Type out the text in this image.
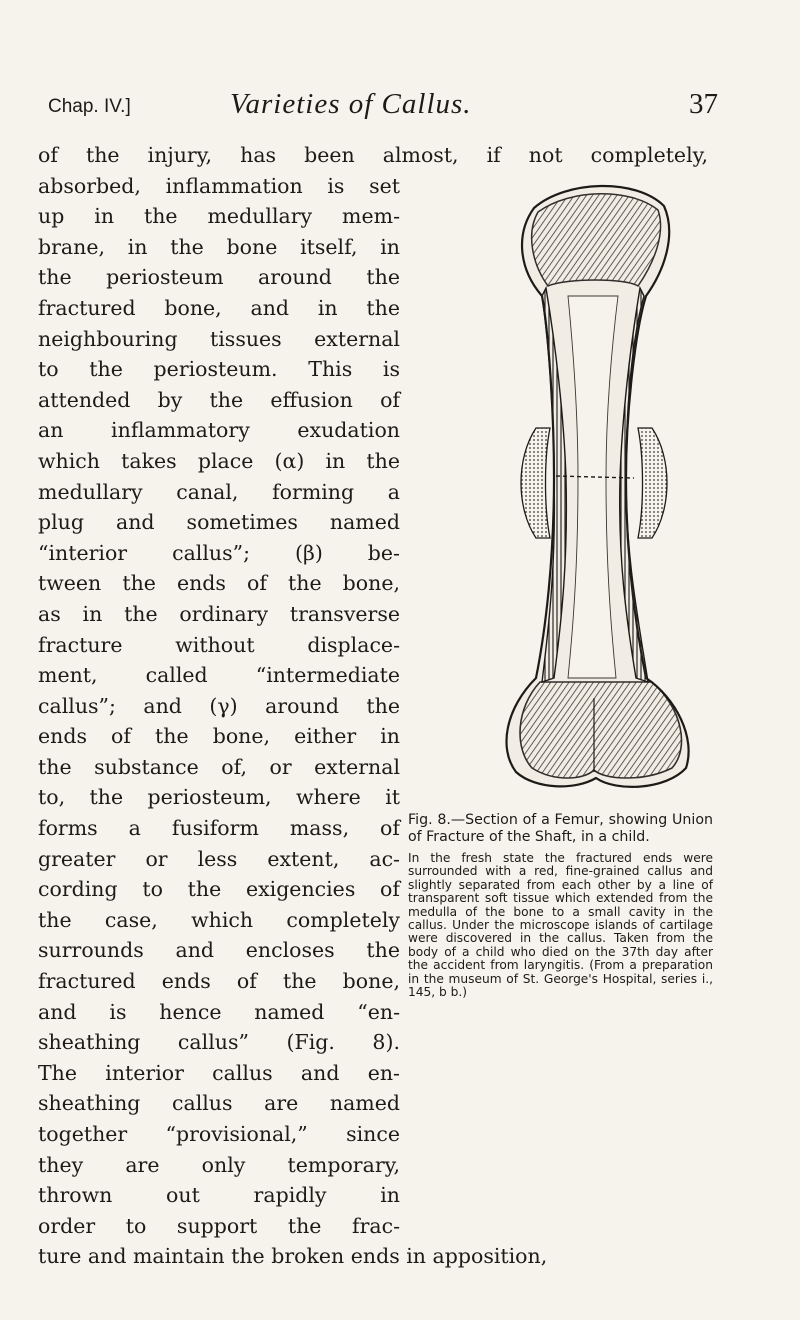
Chap. IV.]	Varieties of Callus.	37
of the injury, has been almost, if not completely,
absorbed, inflammation is set
up in the medullary mem-
brane, in the bone itself, in
the periosteum around the
fractured bone, and in the
neighbouring tissues external
to the periosteum. This is
attended by the effusion of
an inflammatory exudation
which takes place (α) in the
medullary canal, forming a
plug and sometimes named
“interior callus”; (β) be-
tween the ends of the bone,
as in the ordinary transverse
fracture without displace-
ment, called “intermediate
callus”; and (γ) around the
ends of the bone, either in
the substance of, or external
to, the periosteum, where it
forms a fusiform mass, of
greater or less extent, ac-
cording to the exigencies of
the case, which completely
surrounds and encloses the
fractured ends of the bone,
and is hence named “en-
sheathing callus” (Fig. 8).
The interior callus and en-
sheathing callus are named
together “provisional,” since
they are only temporary,
thrown out rapidly in
order to support the frac-
ture and maintain the broken ends in apposition,
Fig. 8.—Section of a Femur, showing Union of Fracture of the Shaft, in a child.
In the fresh state the fractured ends were surrounded with a red, fine-grained callus and slightly separated from each other by a line of transparent soft tissue which extended from the medulla of the bone to a small cavity in the callus. Under the microscope islands of cartilage were discovered in the callus. Taken from the body of a child who died on the 37th day after the accident from laryngitis. (From a preparation in the museum of St. George's Hospital, series i., 145, b b.)
